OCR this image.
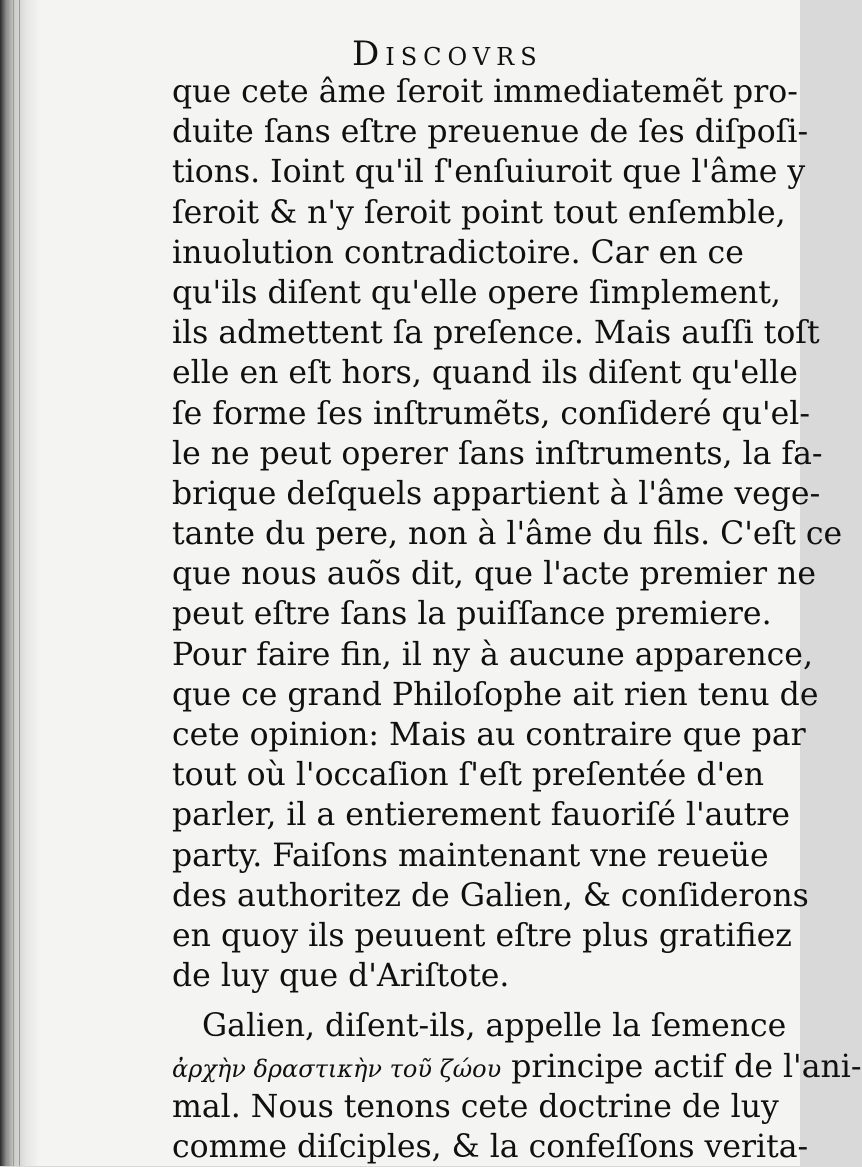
Discovrs
que cete âme ſeroit immediatemẽt pro-
duite ſans eſtre preuenue de ſes diſpoſi-
tions. Ioint qu'il ſ'enſuiuroit que l'âme y
ſeroit & n'y ſeroit point tout enſemble,
inuolution contradictoire. Car en ce
qu'ils diſent qu'elle opere ſimplement,
ils admettent ſa preſence. Mais auſſi toſt
elle en eſt hors, quand ils diſent qu'elle
ſe forme ſes inſtrumẽts, conſideré qu'el-
le ne peut operer ſans inſtruments, la fa-
brique deſquels appartient à l'âme vege-
tante du pere, non à l'âme du fils. C'eſt ce
que nous auõs dit, que l'acte premier ne
peut eſtre ſans la puiſſance premiere.
Pour faire fin, il ny à aucune apparence,
que ce grand Philoſophe ait rien tenu de
cete opinion: Mais au contraire que par
tout où l'occaſion ſ'eſt preſentée d'en
parler, il a entierement fauoriſé l'autre
party. Faiſons maintenant vne reueüe
des authoritez de Galien, & conſiderons
en quoy ils peuuent eſtre plus gratifiez
de luy que d'Ariſtote.
Galien, diſent-ils, appelle la ſemence
ἀρχὴν δραστικὴν τοῦ ζώου principe actif de l'ani-
mal. Nous tenons cete doctrine de luy
comme diſciples, & la confeſſons verita-
